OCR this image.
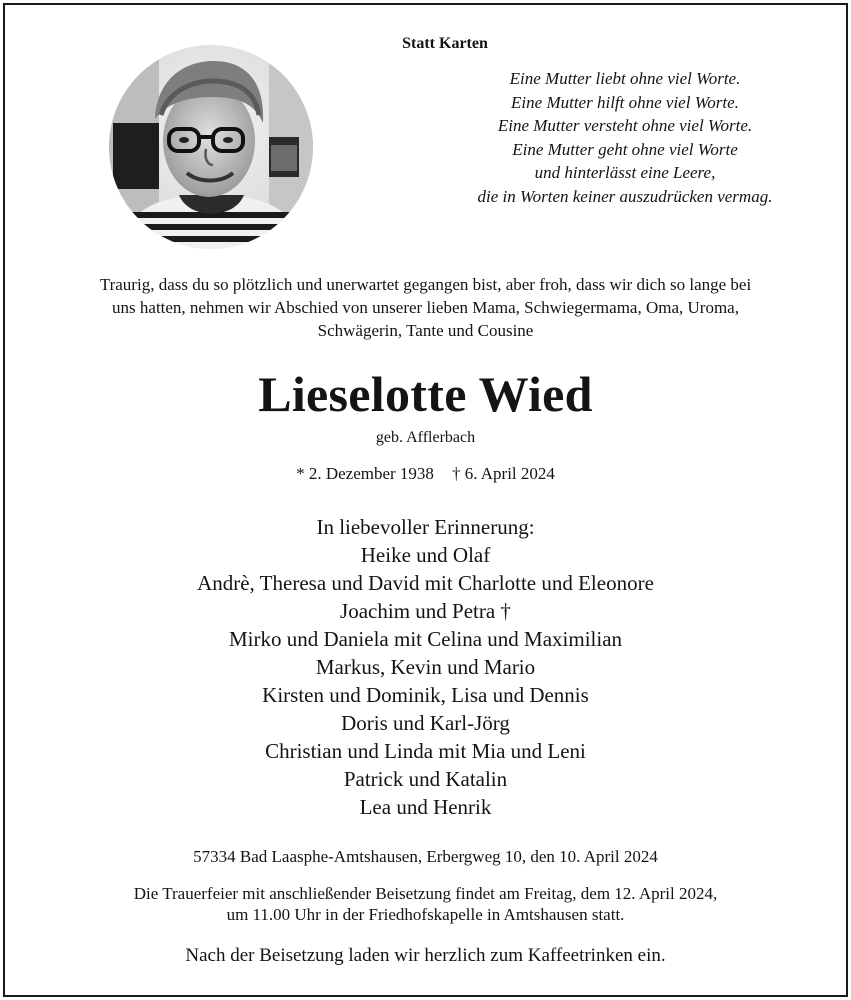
Statt Karten
Eine Mutter liebt ohne viel Worte.
Eine Mutter hilft ohne viel Worte.
Eine Mutter versteht ohne viel Worte.
Eine Mutter geht ohne viel Worte
und hinterlässt eine Leere,
die in Worten keiner auszudrücken vermag.
Traurig, dass du so plötzlich und unerwartet gegangen bist, aber froh, dass wir dich so lange bei
uns hatten, nehmen wir Abschied von unserer lieben Mama, Schwiegermama, Oma, Uroma,
Schwägerin, Tante und Cousine
Lieselotte Wied
geb. Afflerbach
* 2. Dezember 1938 † 6. April 2024
In liebevoller Erinnerung:
Heike und Olaf
Andrè, Theresa und David mit Charlotte und Eleonore
Joachim und Petra †
Mirko und Daniela mit Celina und Maximilian
Markus, Kevin und Mario
Kirsten und Dominik, Lisa und Dennis
Doris und Karl-Jörg
Christian und Linda mit Mia und Leni
Patrick und Katalin
Lea und Henrik
57334 Bad Laasphe-Amtshausen, Erbergweg 10, den 10. April 2024
Die Trauerfeier mit anschließender Beisetzung findet am Freitag, dem 12. April 2024,
um 11.00 Uhr in der Friedhofskapelle in Amtshausen statt.
Nach der Beisetzung laden wir herzlich zum Kaffeetrinken ein.
